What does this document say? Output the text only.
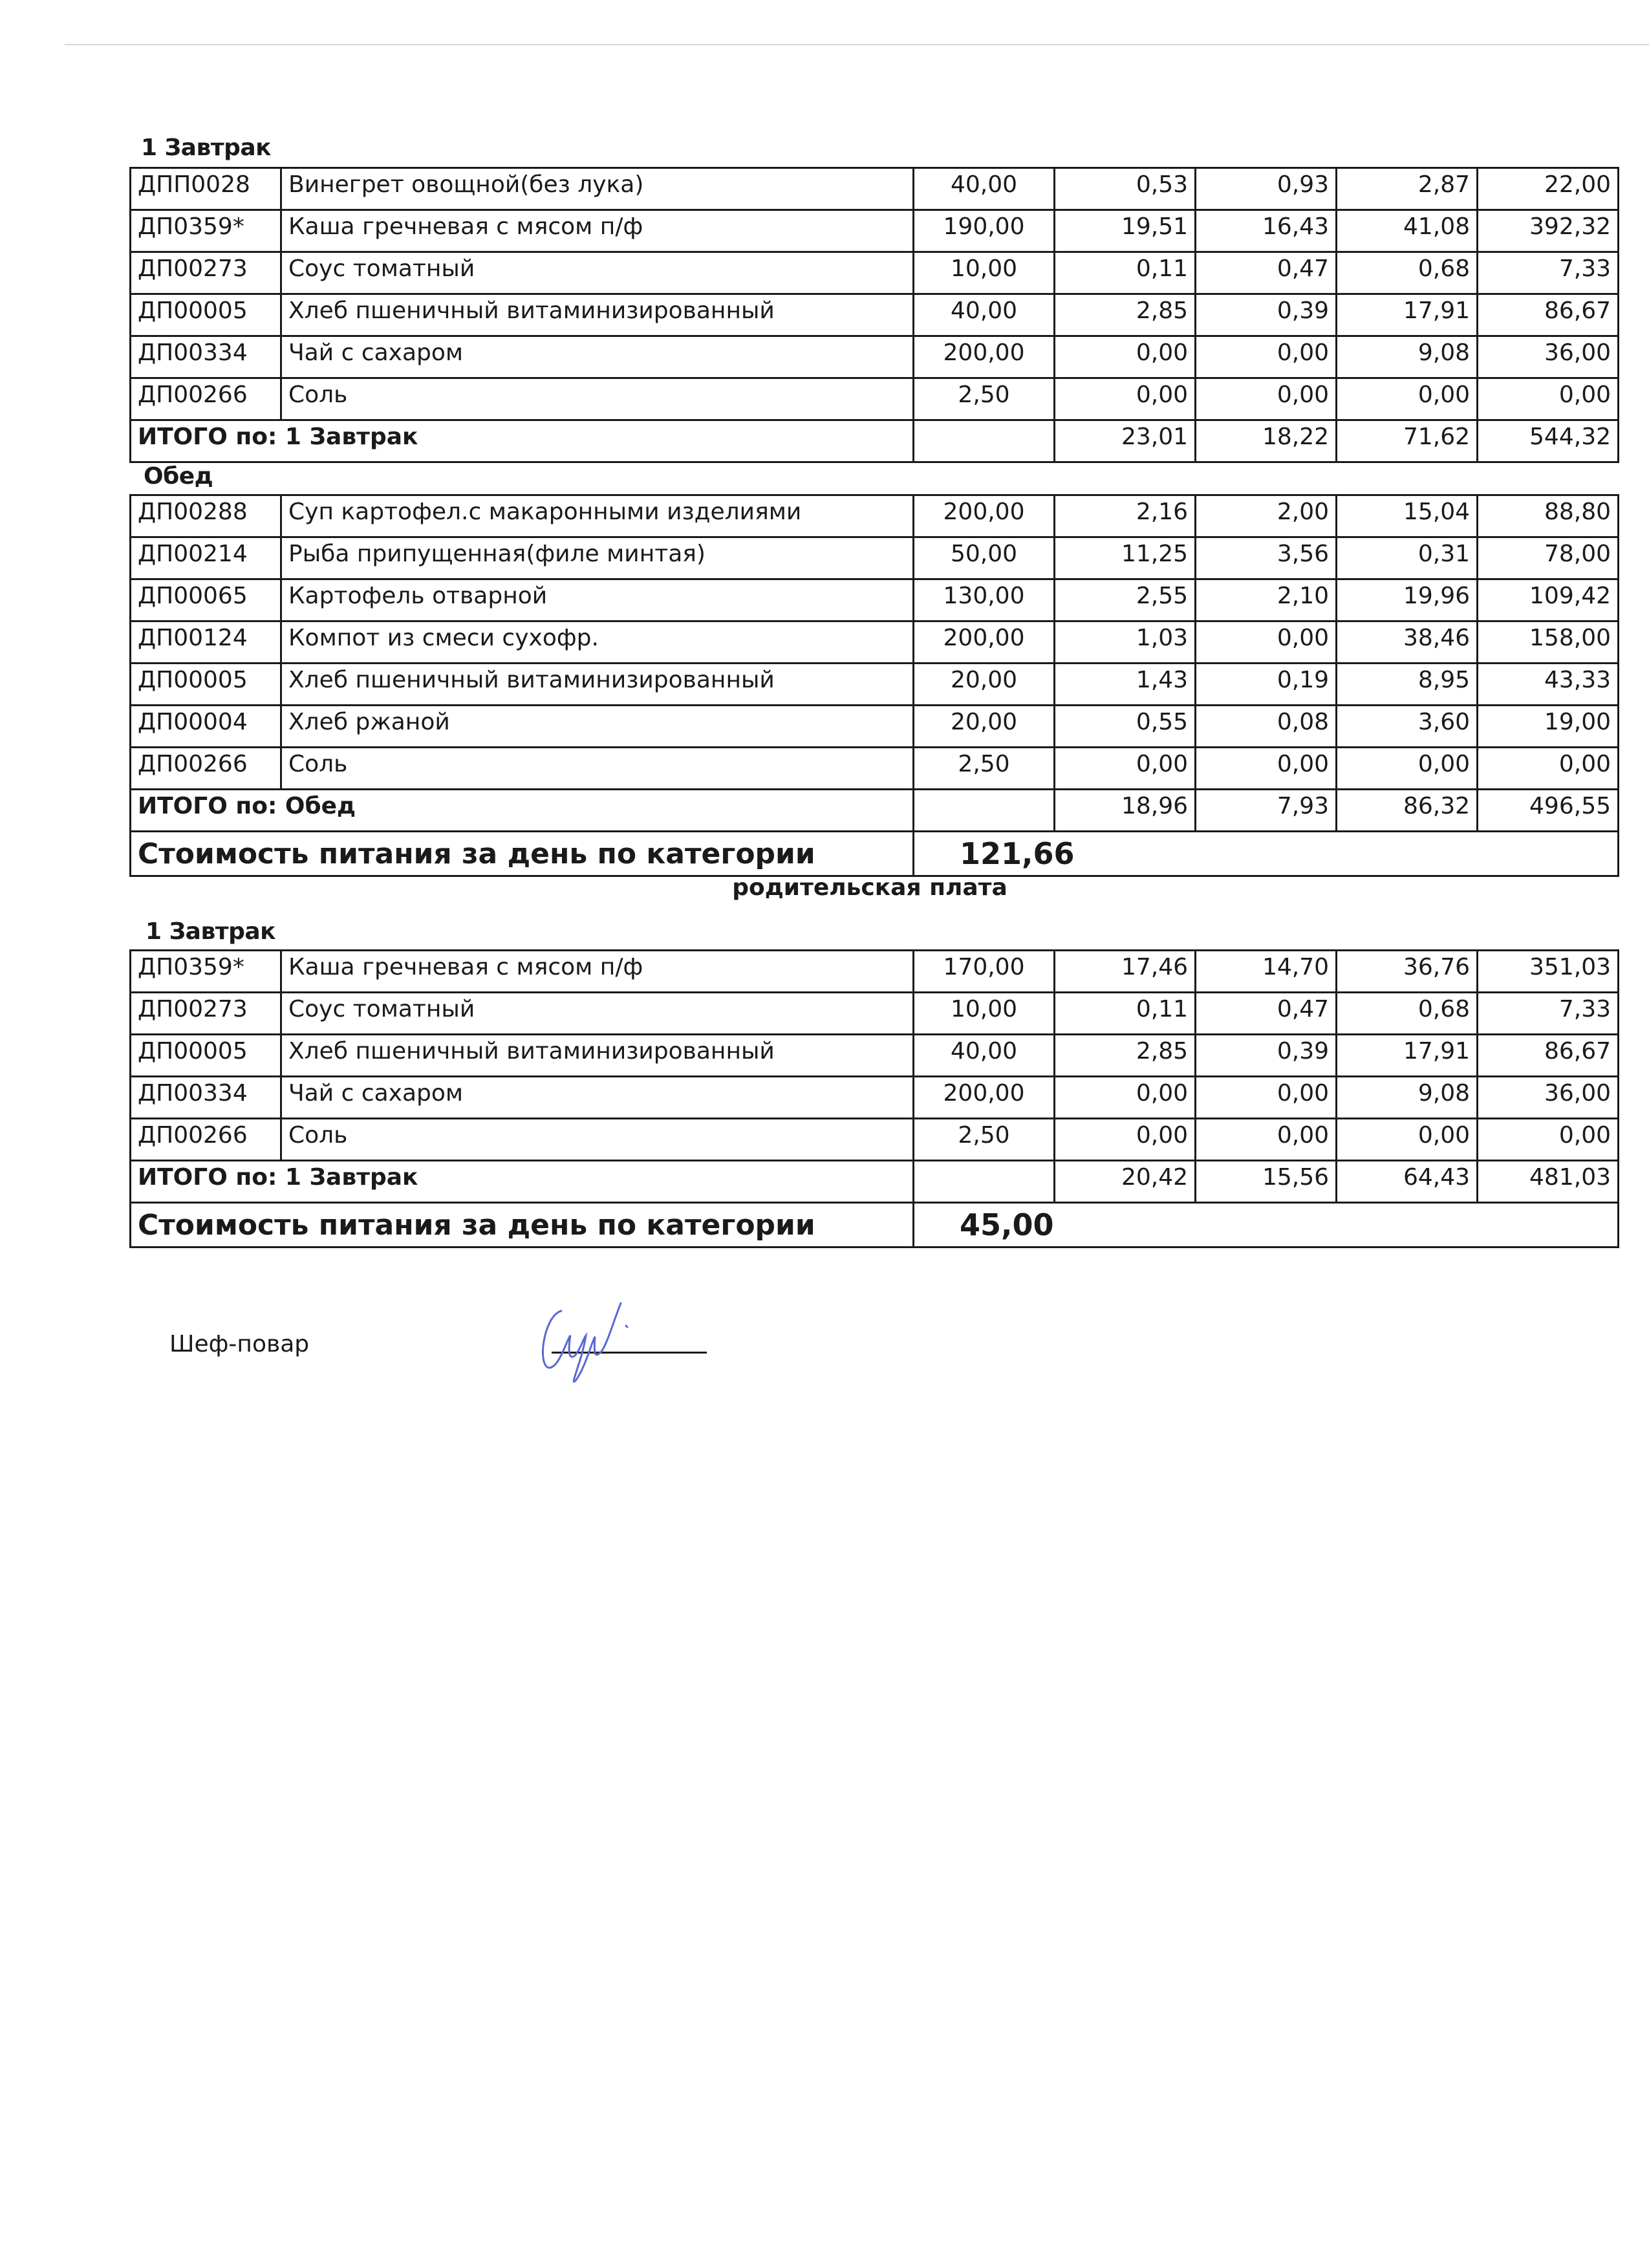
1 Завтрак
ДПП0028	Винегрет овощной(без лука)	40,00	0,53	0,93	2,87	22,00
ДП0359*	Каша гречневая с мясом п/ф	190,00	19,51	16,43	41,08	392,32
ДП00273	Соус томатный	10,00	0,11	0,47	0,68	7,33
ДП00005	Хлеб пшеничный витаминизированный	40,00	2,85	0,39	17,91	86,67
ДП00334	Чай с сахаром	200,00	0,00	0,00	9,08	36,00
ДП00266	Соль	2,50	0,00	0,00	0,00	0,00
ИТОГО по: 1 Завтрак			23,01	18,22	71,62	544,32
Обед
ДП00288	Суп картофел.с макаронными изделиями	200,00	2,16	2,00	15,04	88,80
ДП00214	Рыба припущенная(филе минтая)	50,00	11,25	3,56	0,31	78,00
ДП00065	Картофель отварной	130,00	2,55	2,10	19,96	109,42
ДП00124	Компот из смеси сухофр.	200,00	1,03	0,00	38,46	158,00
ДП00005	Хлеб пшеничный витаминизированный	20,00	1,43	0,19	8,95	43,33
ДП00004	Хлеб ржаной	20,00	0,55	0,08	3,60	19,00
ДП00266	Соль	2,50	0,00	0,00	0,00	0,00
ИТОГО по: Обед			18,96	7,93	86,32	496,55
Стоимость питания за день по категории		121,66				
родительская плата
1 Завтрак
ДП0359*	Каша гречневая с мясом п/ф	170,00	17,46	14,70	36,76	351,03
ДП00273	Соус томатный	10,00	0,11	0,47	0,68	7,33
ДП00005	Хлеб пшеничный витаминизированный	40,00	2,85	0,39	17,91	86,67
ДП00334	Чай с сахаром	200,00	0,00	0,00	9,08	36,00
ДП00266	Соль	2,50	0,00	0,00	0,00	0,00
ИТОГО по: 1 Завтрак			20,42	15,56	64,43	481,03
Стоимость питания за день по категории		45,00				
Шеф-повар
